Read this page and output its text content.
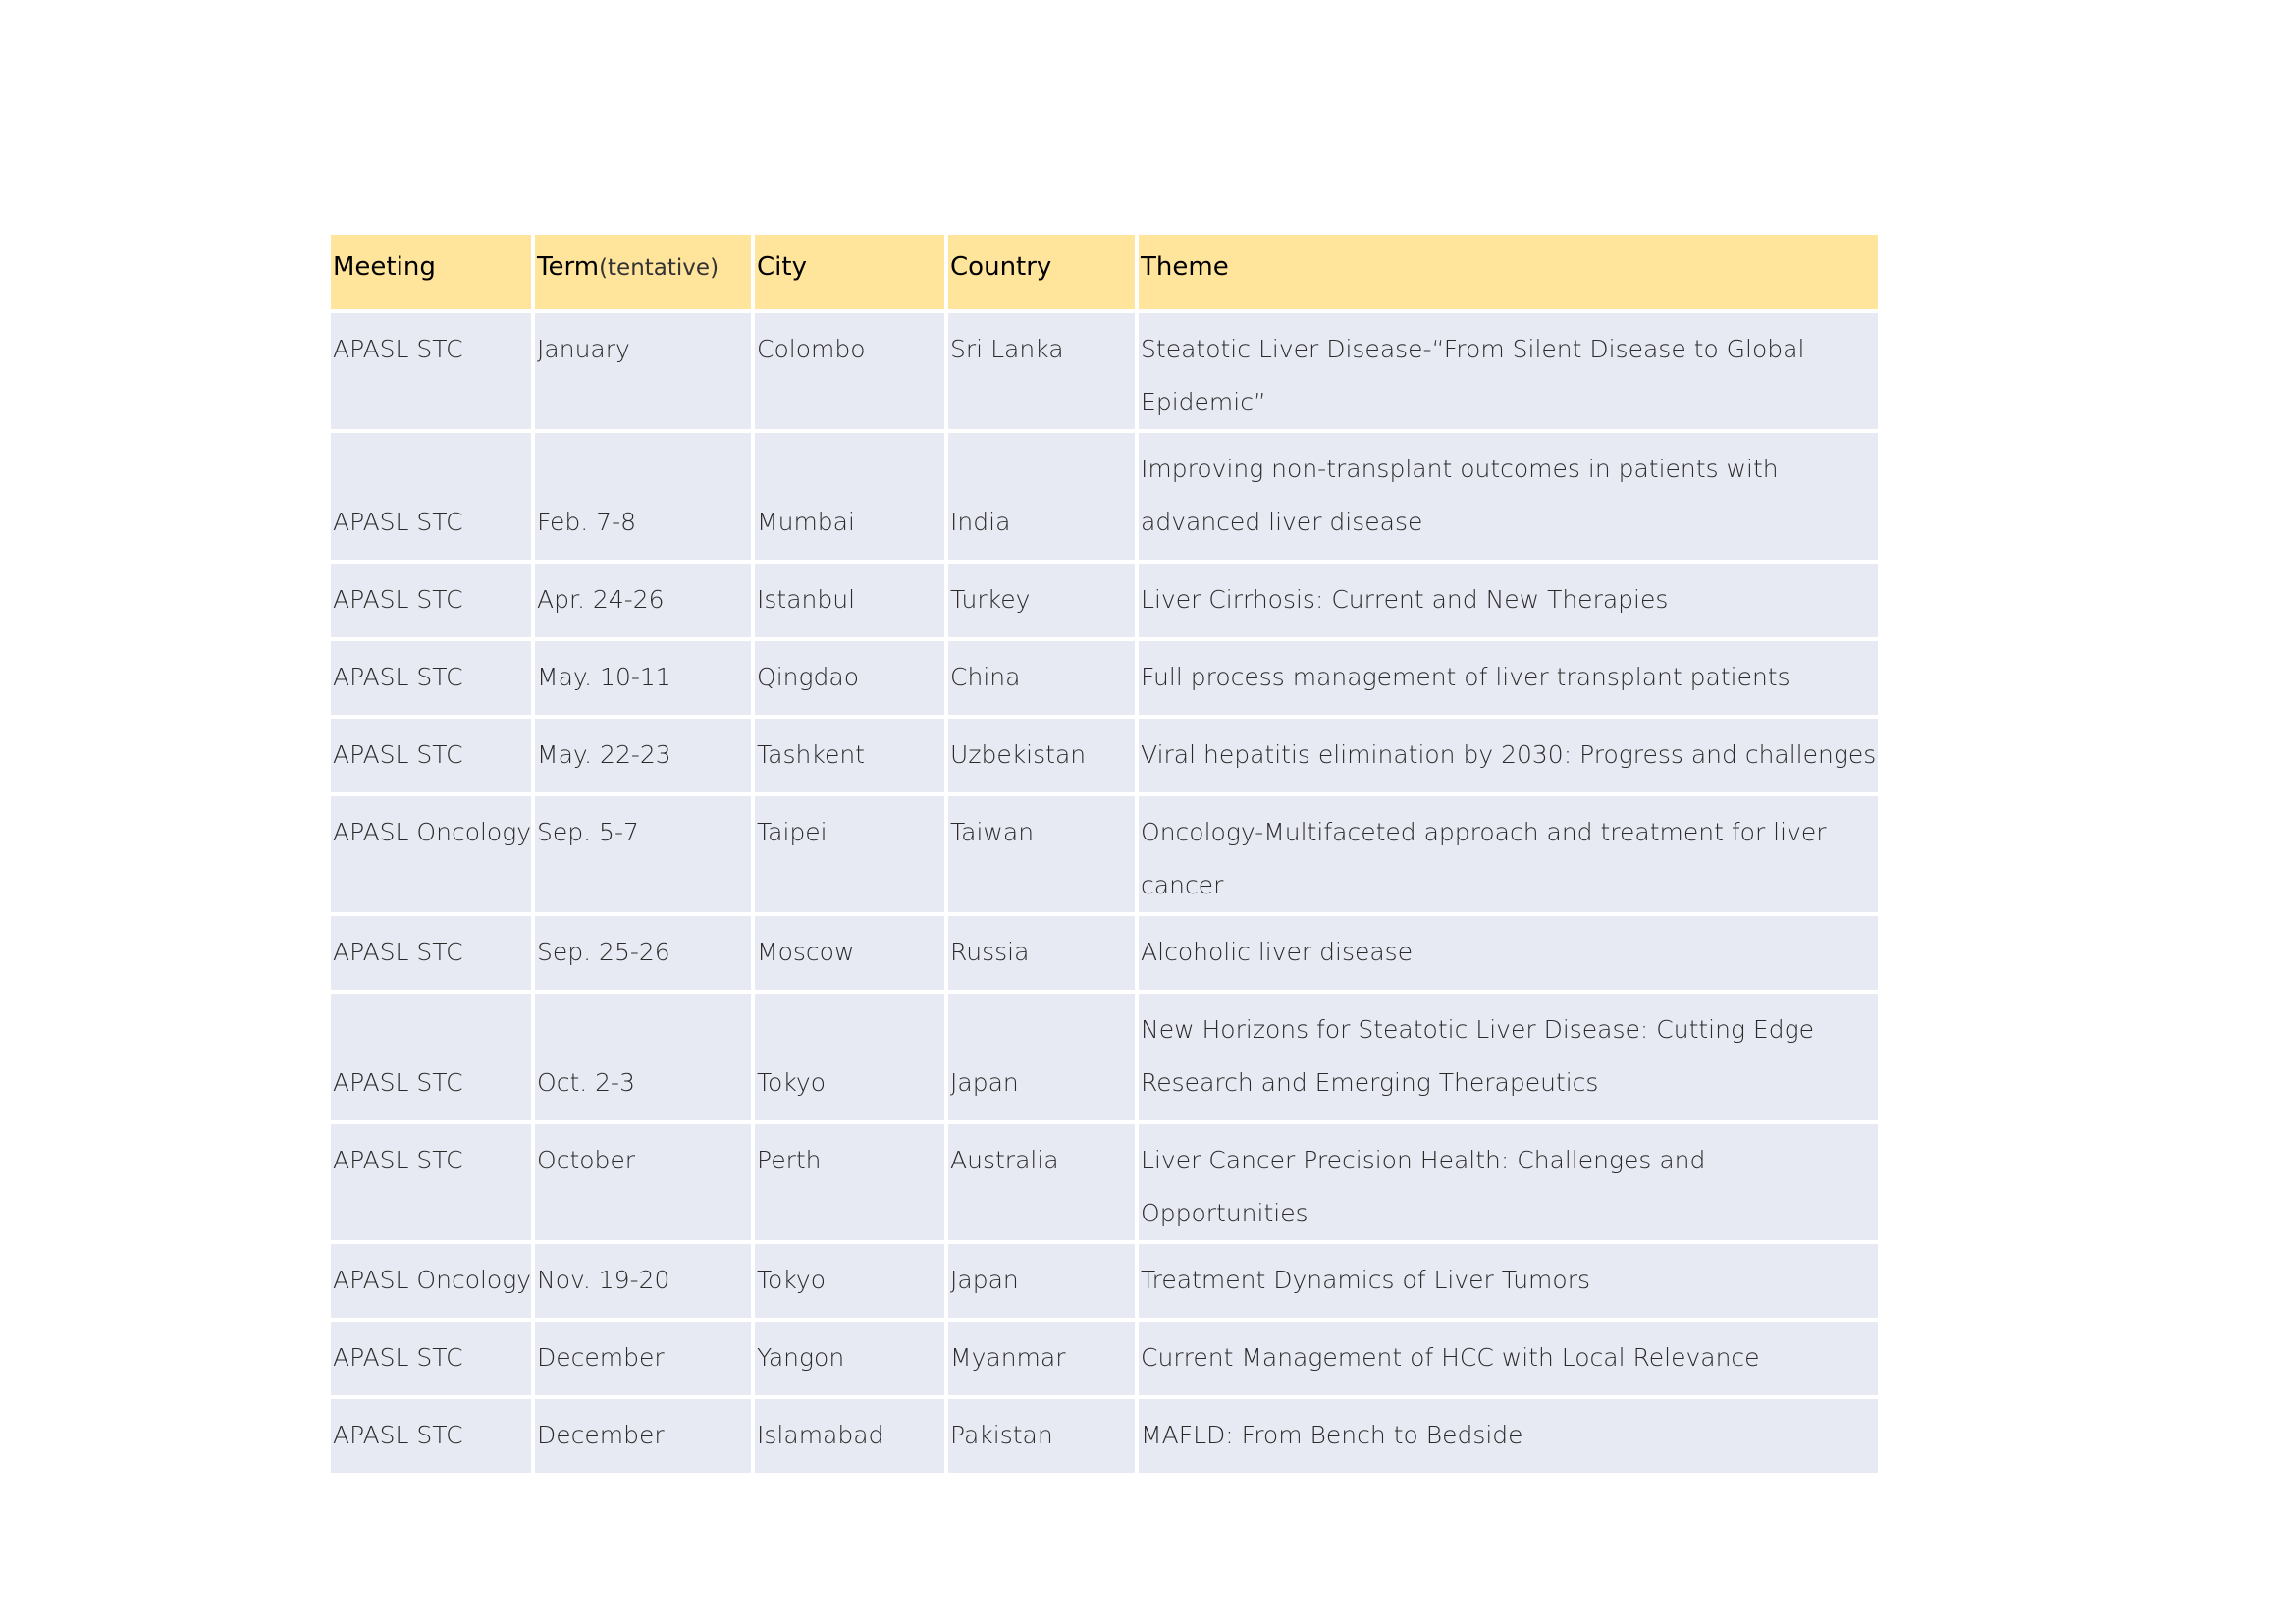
Meeting	Term(tentative)	City	Country	Theme
APASL STC	January	Colombo	Sri Lanka	Steatotic Liver Disease-“From Silent Disease to Global Epidemic”
APASL STC	Feb. 7-8	Mumbai	India	Improving non-transplant outcomes in patients with advanced liver disease
APASL STC	Apr. 24-26	Istanbul	Turkey	Liver Cirrhosis: Current and New Therapies
APASL STC	May. 10-11	Qingdao	China	Full process management of liver transplant patients
APASL STC	May. 22-23	Tashkent	Uzbekistan	Viral hepatitis elimination by 2030: Progress and challenges
APASL Oncology	Sep. 5-7	Taipei	Taiwan	Oncology-Multifaceted approach and treatment for liver cancer
APASL STC	Sep. 25-26	Moscow	Russia	Alcoholic liver disease
APASL STC	Oct. 2-3	Tokyo	Japan	New Horizons for Steatotic Liver Disease: Cutting Edge Research and Emerging Therapeutics
APASL STC	October	Perth	Australia	Liver Cancer Precision Health: Challenges and Opportunities
APASL Oncology	Nov. 19-20	Tokyo	Japan	Treatment Dynamics of Liver Tumors
APASL STC	December	Yangon	Myanmar	Current Management of HCC with Local Relevance
APASL STC	December	Islamabad	Pakistan	MAFLD: From Bench to Bedside
